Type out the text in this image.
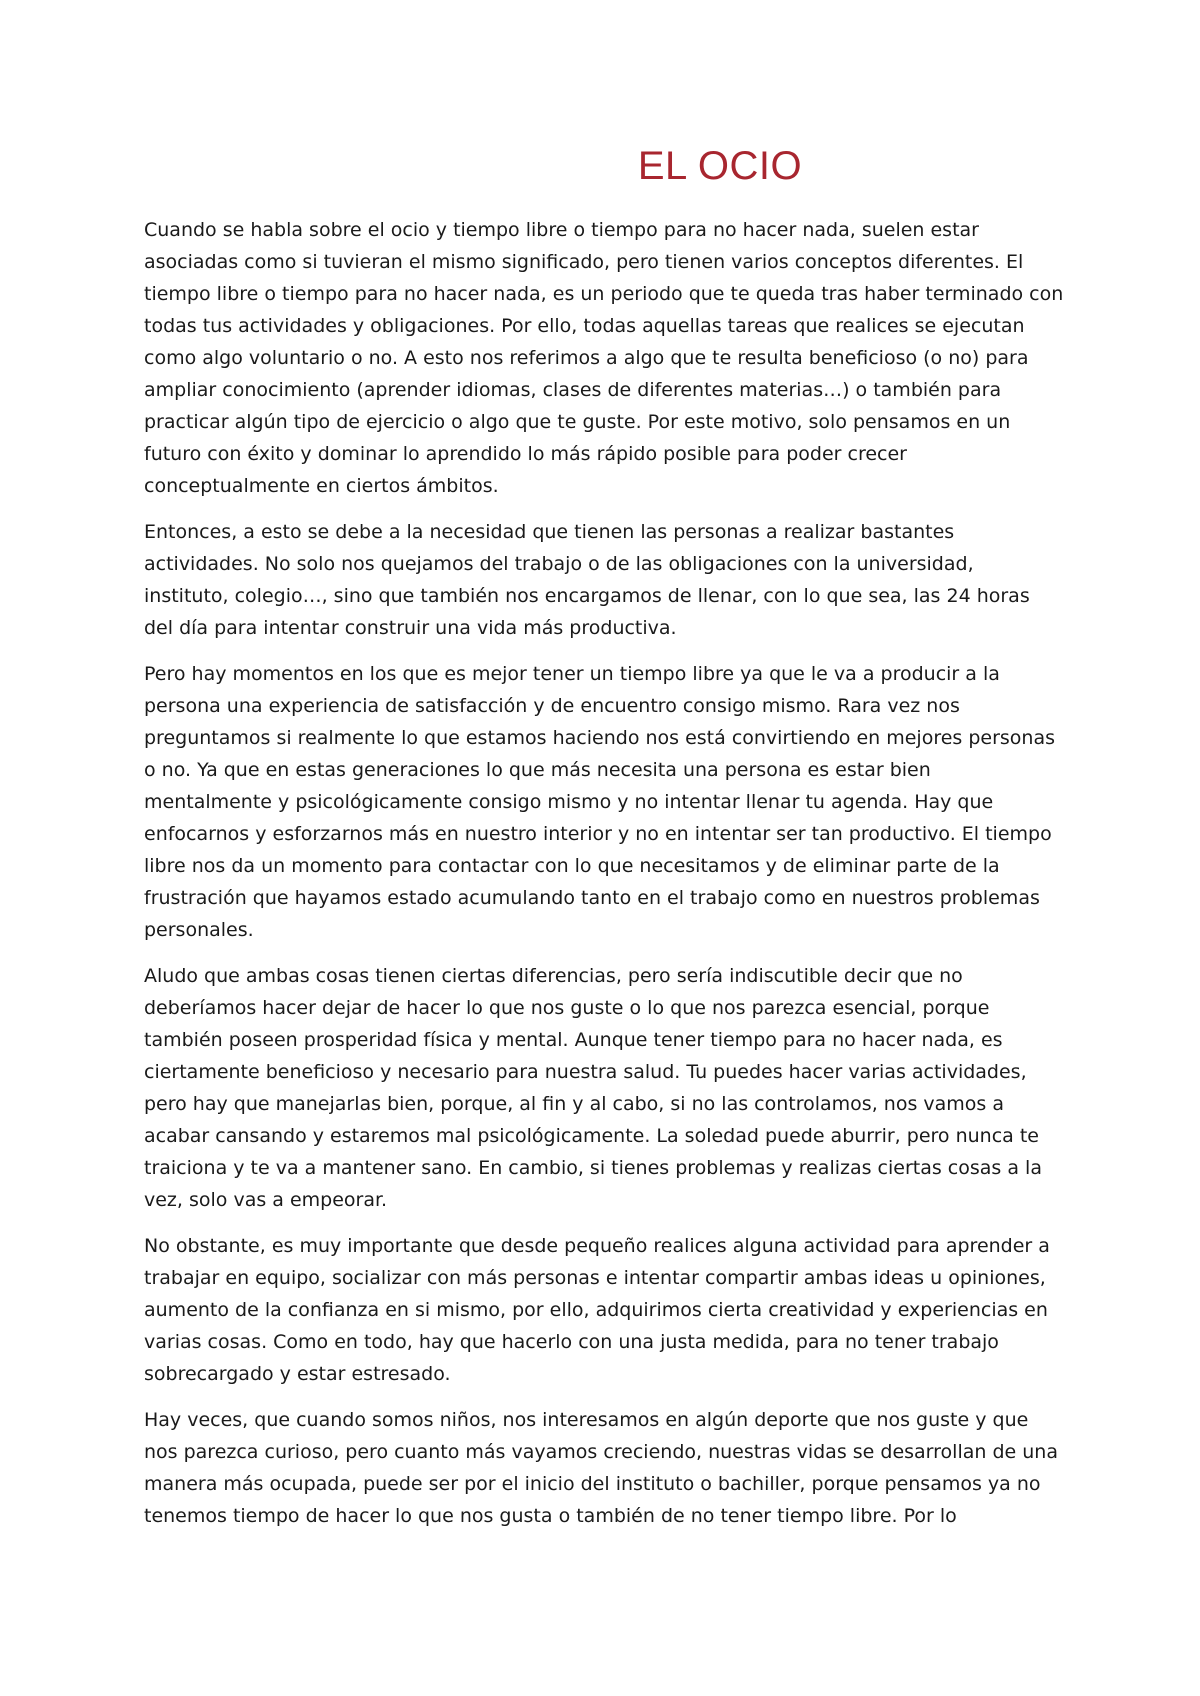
EL OCIO

Cuando se habla sobre el ocio y tiempo libre o tiempo para no hacer nada, suelen estar asociadas como si tuvieran el mismo significado, pero tienen varios conceptos diferentes. El tiempo libre o tiempo para no hacer nada, es un periodo que te queda tras haber terminado con todas tus actividades y obligaciones. Por ello, todas aquellas tareas que realices se ejecutan como algo voluntario o no. A esto nos referimos a algo que te resulta beneficioso (o no) para ampliar conocimiento (aprender idiomas, clases de diferentes materias…) o también para practicar algún tipo de ejercicio o algo que te guste. Por este motivo, solo pensamos en un futuro con éxito y dominar lo aprendido lo más rápido posible para poder crecer conceptualmente en ciertos ámbitos.

Entonces, a esto se debe a la necesidad que tienen las personas a realizar bastantes actividades. No solo nos quejamos del trabajo o de las obligaciones con la universidad, instituto, colegio…, sino que también nos encargamos de llenar, con lo que sea, las 24 horas del día para intentar construir una vida más productiva.

Pero hay momentos en los que es mejor tener un tiempo libre ya que le va a producir a la persona una experiencia de satisfacción y de encuentro consigo mismo. Rara vez nos preguntamos si realmente lo que estamos haciendo nos está convirtiendo en mejores personas o no. Ya que en estas generaciones lo que más necesita una persona es estar bien mentalmente y psicológicamente consigo mismo y no intentar llenar tu agenda. Hay que enfocarnos y esforzarnos más en nuestro interior y no en intentar ser tan productivo. El tiempo libre nos da un momento para contactar con lo que necesitamos y de eliminar parte de la frustración que hayamos estado acumulando tanto en el trabajo como en nuestros problemas personales.

Aludo que ambas cosas tienen ciertas diferencias, pero sería indiscutible decir que no deberíamos hacer dejar de hacer lo que nos guste o lo que nos parezca esencial, porque también poseen prosperidad física y mental. Aunque tener tiempo para no hacer nada, es ciertamente beneficioso y necesario para nuestra salud. Tu puedes hacer varias actividades, pero hay que manejarlas bien, porque, al fin y al cabo, si no las controlamos, nos vamos a acabar cansando y estaremos mal psicológicamente. La soledad puede aburrir, pero nunca te traiciona y te va a mantener sano. En cambio, si tienes problemas y realizas ciertas cosas a la vez, solo vas a empeorar.

No obstante, es muy importante que desde pequeño realices alguna actividad para aprender a trabajar en equipo, socializar con más personas e intentar compartir ambas ideas u opiniones, aumento de la confianza en si mismo, por ello, adquirimos cierta creatividad y experiencias en varias cosas. Como en todo, hay que hacerlo con una justa medida, para no tener trabajo sobrecargado y estar estresado.

Hay veces, que cuando somos niños, nos interesamos en algún deporte que nos guste y que nos parezca curioso, pero cuanto más vayamos creciendo, nuestras vidas se desarrollan de una manera más ocupada, puede ser por el inicio del instituto o bachiller, porque pensamos ya no tenemos tiempo de hacer lo que nos gusta o también de no tener tiempo libre. Por lo
